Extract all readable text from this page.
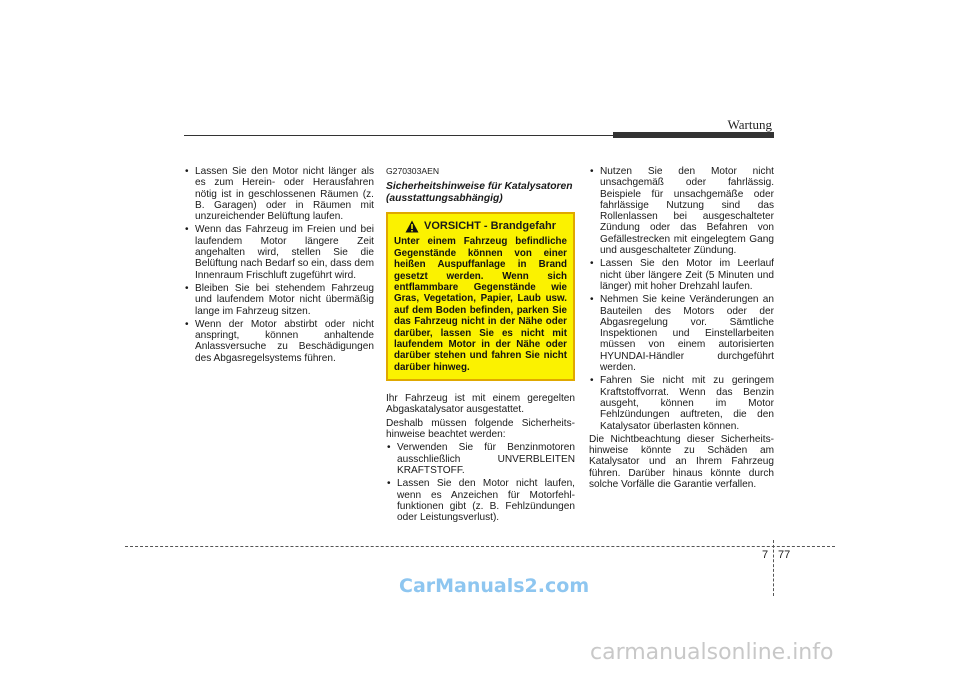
Wartung
• Lassen Sie den Motor nicht länger als es zum Herein- oder Herausfahren nötig ist in geschlossenen Räumen (z. B. Garagen) oder in Räumen mit unzureichender Belüftung laufen.
• Wenn das Fahrzeug im Freien und bei laufendem Motor längere Zeit angehalten wird, stellen Sie die Belüftung nach Bedarf so ein, dass dem Innenraum Frischluft zugeführt wird.
• Bleiben Sie bei stehendem Fahrzeug und laufendem Motor nicht übermäßig lange im Fahrzeug sitzen.
• Wenn der Motor abstirbt oder nicht anspringt, können anhaltende Anlassversuche zu Beschädigungen des Abgasregelsystems führen.
G270303AEN
Sicherheitshinweise für Katalysatoren (ausstattungsabhängig)
VORSICHT - Brandgefahr
Unter einem Fahrzeug befindliche Gegenstände können von einer heißen Auspuffanlage in Brand gesetzt werden. Wenn sich entflammbare Gegenstände wie Gras, Vegetation, Papier, Laub usw. auf dem Boden befinden, parken Sie das Fahrzeug nicht in der Nähe oder darüber, lassen Sie es nicht mit laufendem Motor in der Nähe oder darüber stehen und fahren Sie nicht darüber hinweg.

Ihr Fahrzeug ist mit einem geregelten Abgaskatalysator ausgestattet.

Deshalb müssen folgende Sicherheits-hinweise beachtet werden:

• Verwenden Sie für Benzinmotoren ausschließlich UNVERBLEITEN KRAFTSTOFF.
• Lassen Sie den Motor nicht laufen, wenn es Anzeichen für Motorfehl-funktionen gibt (z. B. Fehlzündungen oder Leistungsverlust).
• Nutzen Sie den Motor nicht unsachgemäß oder fahrlässig. Beispiele für unsachgemäße oder fahrlässige Nutzung sind das Rollenlassen bei ausgeschalteter Zündung oder das Befahren von Gefällestrecken mit eingelegtem Gang und ausgeschalteter Zündung.
• Lassen Sie den Motor im Leerlauf nicht über längere Zeit (5 Minuten und länger) mit hoher Drehzahl laufen.
• Nehmen Sie keine Veränderungen an Bauteilen des Motors oder der Abgasregelung vor. Sämtliche Inspektionen und Einstellarbeiten müssen von einem autorisierten HYUNDAI-Händler durchgeführt werden.
• Fahren Sie nicht mit zu geringem Kraftstoffvorrat. Wenn das Benzin ausgeht, können im Motor Fehlzündungen auftreten, die den Katalysator überlasten können.

Die Nichtbeachtung dieser Sicherheits-hinweise könnte zu Schäden am Katalysator und an Ihrem Fahrzeug führen. Darüber hinaus könnte durch solche Vorfälle die Garantie verfallen.

7 77
CarManuals2.com
carmanualsonline.info
